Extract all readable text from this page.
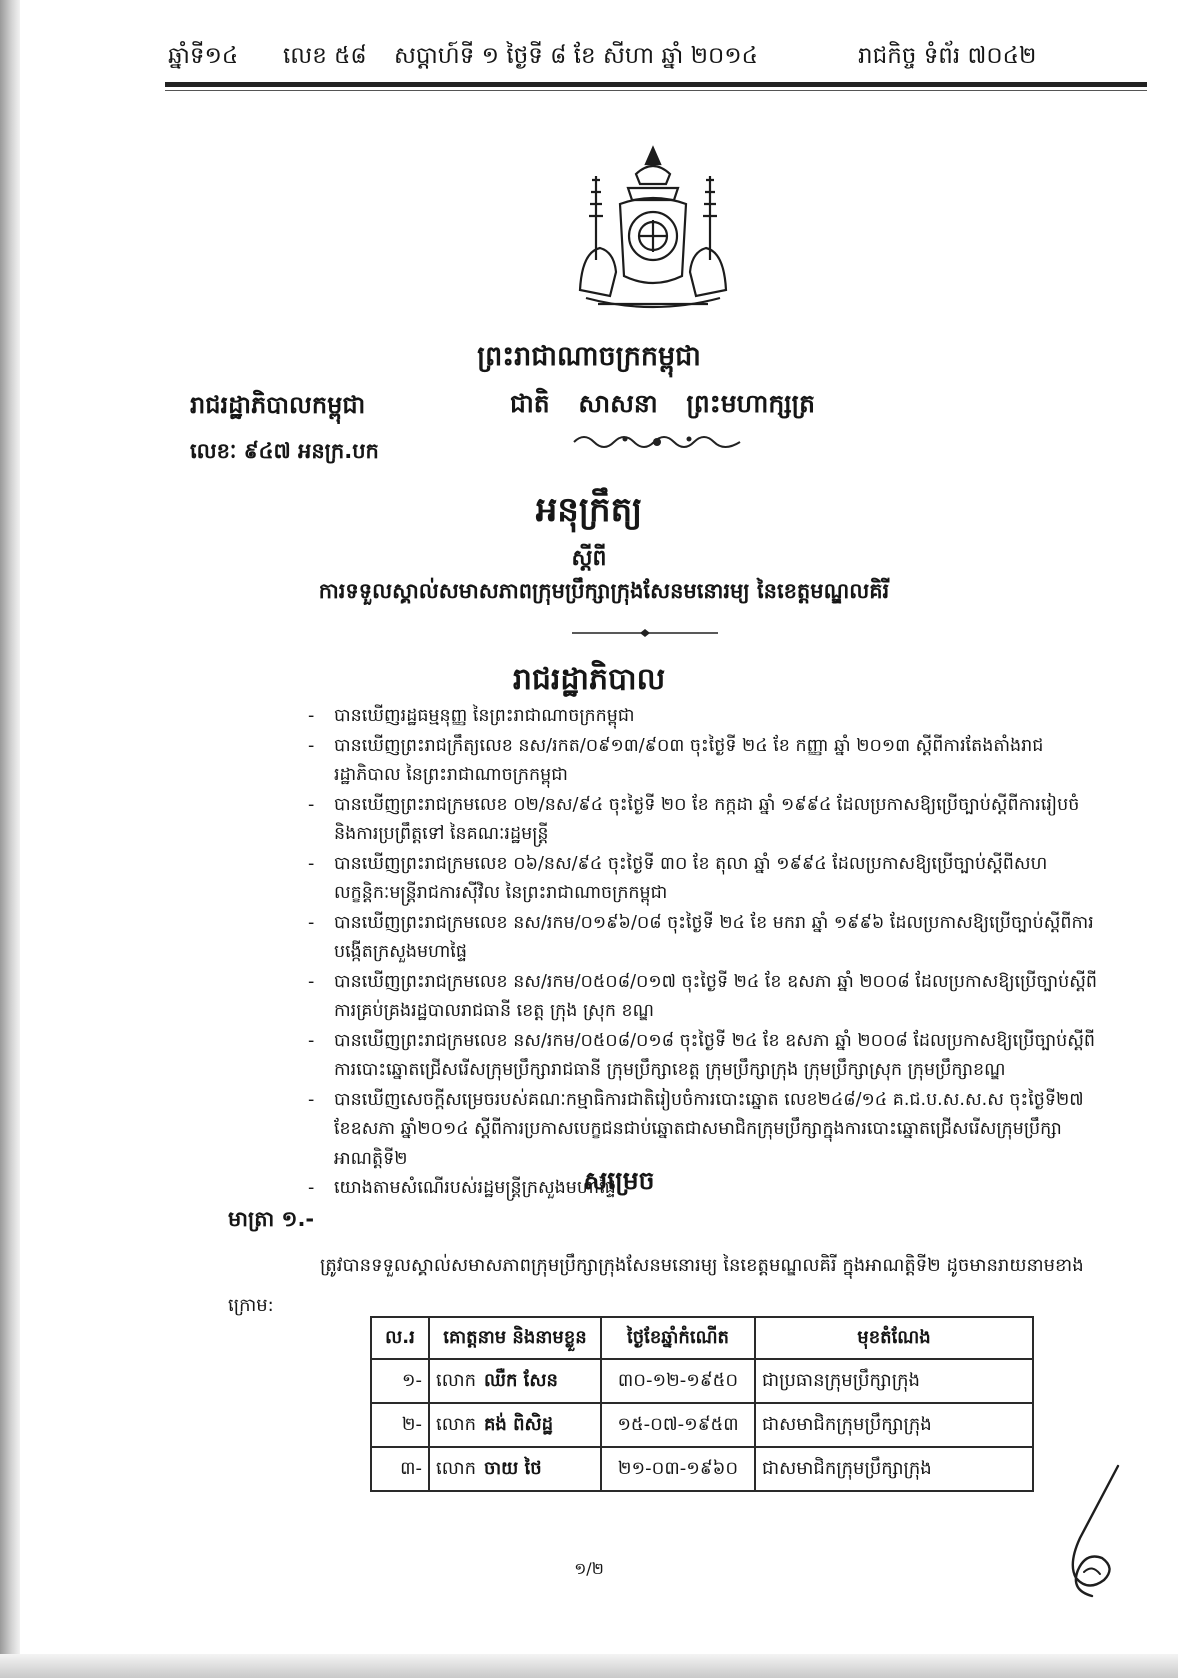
ឆ្នាំទី១៤ លេខ ៥៨ សប្តាហ៍ទី ១ ថ្ងៃទី ៨ ខែ សីហា ឆ្នាំ ២០១៤	រាជកិច្ច ទំព័រ ៧០៤២
ព្រះរាជាណាចក្រកម្ពុជា
ជាតិ សាសនា ព្រះមហាក្សត្រ
រាជរដ្ឋាភិបាលកម្ពុជា
លេខៈ ៩៤៧ អនក្រ.បក
អនុក្រឹត្យ
ស្តីពី
ការទទួលស្គាល់សមាសភាពក្រុមប្រឹក្សាក្រុងសែនមនោរម្យ នៃខេត្តមណ្ឌលគិរី
រាជរដ្ឋាភិបាល
- បានឃើញរដ្ឋធម្មនុញ្ញ នៃព្រះរាជាណាចក្រកម្ពុជា
- បានឃើញព្រះរាជក្រឹត្យលេខ នស/រកត/០៩១៣/៩០៣ ចុះថ្ងៃទី ២៤ ខែ កញ្ញា ឆ្នាំ ២០១៣ ស្តីពីការតែងតាំងរាជរដ្ឋាភិបាល នៃព្រះរាជាណាចក្រកម្ពុជា
- បានឃើញព្រះរាជក្រមលេខ ០២/នស/៩៤ ចុះថ្ងៃទី ២០ ខែ កក្កដា ឆ្នាំ ១៩៩៤ ដែលប្រកាសឱ្យប្រើច្បាប់ស្តីពីការរៀបចំ និងការប្រព្រឹត្តទៅ នៃគណៈរដ្ឋមន្ត្រី
- បានឃើញព្រះរាជក្រមលេខ ០៦/នស/៩៤ ចុះថ្ងៃទី ៣០ ខែ តុលា ឆ្នាំ ១៩៩៤ ដែលប្រកាសឱ្យប្រើច្បាប់ស្តីពីសហលក្ខន្តិកៈមន្ត្រីរាជការស៊ីវិល នៃព្រះរាជាណាចក្រកម្ពុជា
- បានឃើញព្រះរាជក្រមលេខ នស/រកម/០១៩៦/០៨ ចុះថ្ងៃទី ២៤ ខែ មករា ឆ្នាំ ១៩៩៦ ដែលប្រកាសឱ្យប្រើច្បាប់ស្តីពីការបង្កើតក្រសួងមហាផ្ទៃ
- បានឃើញព្រះរាជក្រមលេខ នស/រកម/០៥០៨/០១៧ ចុះថ្ងៃទី ២៤ ខែ ឧសភា ឆ្នាំ ២០០៨ ដែលប្រកាសឱ្យប្រើច្បាប់ស្តីពីការគ្រប់គ្រងរដ្ឋបាលរាជធានី ខេត្ត ក្រុង ស្រុក ខណ្ឌ
- បានឃើញព្រះរាជក្រមលេខ នស/រកម/០៥០៨/០១៨ ចុះថ្ងៃទី ២៤ ខែ ឧសភា ឆ្នាំ ២០០៨ ដែលប្រកាសឱ្យប្រើច្បាប់ស្តីពីការបោះឆ្នោតជ្រើសរើសក្រុមប្រឹក្សារាជធានី ក្រុមប្រឹក្សាខេត្ត ក្រុមប្រឹក្សាក្រុង ក្រុមប្រឹក្សាស្រុក ក្រុមប្រឹក្សាខណ្ឌ
- បានឃើញសេចក្តីសម្រេចរបស់គណៈកម្មាធិការជាតិរៀបចំការបោះឆ្នោត លេខ២៤៨/១៤ គ.ជ.ប.ស.ស.ស ចុះថ្ងៃទី២៧ ខែឧសភា ឆ្នាំ២០១៤ ស្តីពីការប្រកាសបេក្ខជនជាប់ឆ្នោតជាសមាជិកក្រុមប្រឹក្សាក្នុងការបោះឆ្នោតជ្រើសរើសក្រុមប្រឹក្សា អាណត្តិទី២
- យោងតាមសំណើរបស់រដ្ឋមន្ត្រីក្រសួងមហាផ្ទៃ
សម្រេច
មាត្រា ១.-
ត្រូវបានទទួលស្គាល់សមាសភាពក្រុមប្រឹក្សាក្រុងសែនមនោរម្យ នៃខេត្តមណ្ឌលគិរី ក្នុងអាណត្តិទី២ ដូចមានរាយនាមខាងក្រោម:
ល.រ	គោត្តនាម និងនាមខ្លួន	ថ្ងៃខែឆ្នាំកំណើត	មុខតំណែង
១-	លោក ឈឺក សែន	៣០-១២-១៩៥០	ជាប្រធានក្រុមប្រឹក្សាក្រុង
២-	លោក គង់ ពិសិដ្ឋ	១៥-០៧-១៩៥៣	ជាសមាជិកក្រុមប្រឹក្សាក្រុង
៣-	លោក ចាយ ថៃ	២១-០៣-១៩៦០	ជាសមាជិកក្រុមប្រឹក្សាក្រុង
១/២
